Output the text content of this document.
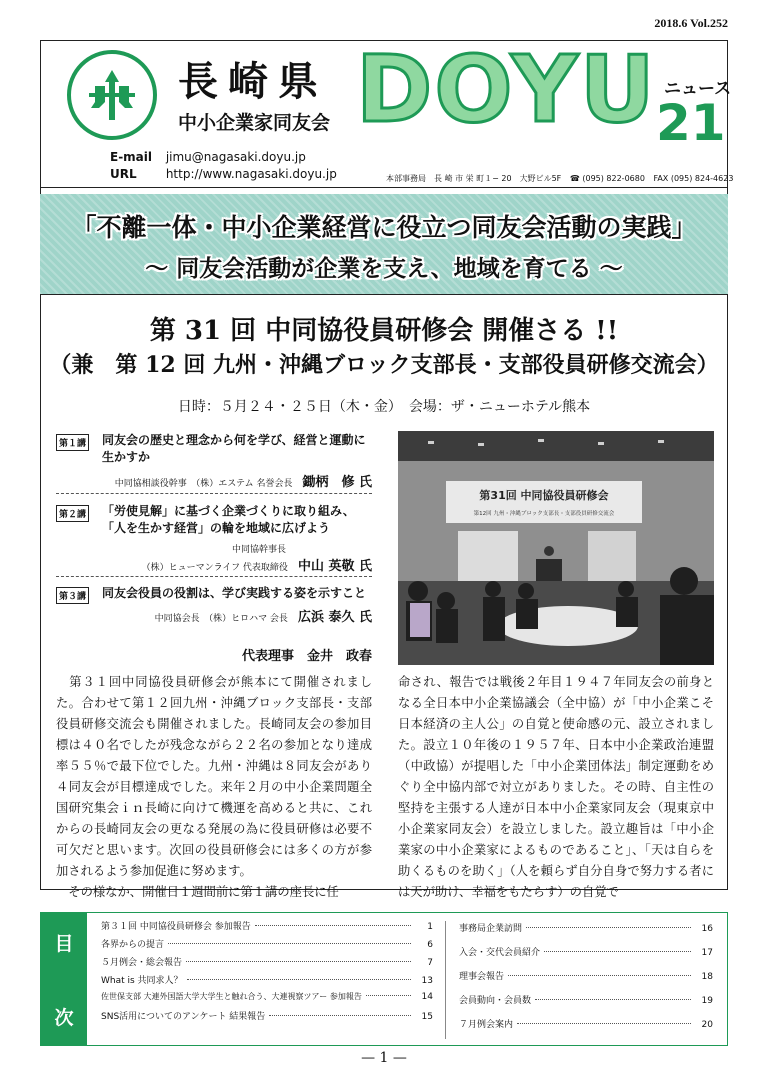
2018.6 Vol.252
長崎県
中小企業家同友会 DOYU ニュース
21
E-mail jimu@nagasaki.doyu.jp
URL http://www.nagasaki.doyu.jp	本部事務局　長 崎 市 栄 町１− 20　大野ビル5F ☎ (095) 822-0680 FAX (095) 824-4623
「不離一体・中小企業経営に役立つ同友会活動の実践」
〜 同友会活動が企業を支え、地域を育てる 〜
第 31 回 中同協役員研修会 開催さる !!
（兼　第 12 回 九州・沖縄ブロック支部長・支部役員研修交流会）
日時：５月２４・２５日（木・金）　会場：ザ・ニューホテル熊本
第１講 同友会の歴史と理念から何を学び、経営と運動に生かすか
中同協相談役幹事　（株）エステム 名誉会長 鋤柄　修 氏
第２講 「労使見解」に基づく企業づくりに取り組み、「人を生かす経営」の輪を地域に広げよう
中同協幹事長
（株）ヒューマンライフ 代表取締役 中山 英敬 氏
第３講 同友会役員の役割は、学び実践する姿を示すこと
中同協会長　（株）ヒロハマ 会長 広浜 泰久 氏
代表理事　金井　政春
第31回 中同協役員研修会
第12回 九州・沖縄ブロック支部長・支部役員研修交流会
　第３１回中同協役員研修会が熊本にて開催されました。合わせて第１２回九州・沖縄ブロック支部長・支部役員研修交流会も開催されました。長崎同友会の参加目標は４０名でしたが残念ながら２２名の参加となり達成率５５％で最下位でした。九州・沖縄は８同友会があり４同友会が目標達成でした。来年２月の中小企業問題全国研究集会ｉｎ長崎に向けて機運を高めると共に、これからの長崎同友会の更なる発展の為に役員研修は必要不可欠だと思います。次回の役員研修会には多くの方が参加されるよう参加促進に努めます。
　その様なか、開催日１週間前に第１講の座長に任
命され、報告では戦後２年目１９４７年同友会の前身となる全日本中小企業協議会（全中協）が「中小企業こそ日本経済の主人公」の自覚と使命感の元、設立されました。設立１０年後の１９５７年、日本中小企業政治連盟（中政協）が提唱した「中小企業団体法」制定運動をめぐり全中協内部で対立がありました。その時、自主性の堅持を主張する人達が日本中小企業家同友会（現東京中小企業家同友会）を設立しました。設立趣旨は「中小企業家の中小企業家によるものであること」、「天は自らを助くるものを助く」（人を頼らず自分自身で努力する者には天が助け、幸福をもたらす）の自覚で
目
次
第３１回 中同協役員研修会 参加報告	1
各界からの提言	6
５月例会・総会報告	7
What is 共同求人？	13
佐世保支部 大連外国語大学大学生と触れ合う、大連視察ツアー 参加報告	14
SNS活用についてのアンケート 結果報告	15
事務局企業訪問	16
入会・交代会員紹介	17
理事会報告	18
会員動向・会員数	19
７月例会案内	20
— 1 —
